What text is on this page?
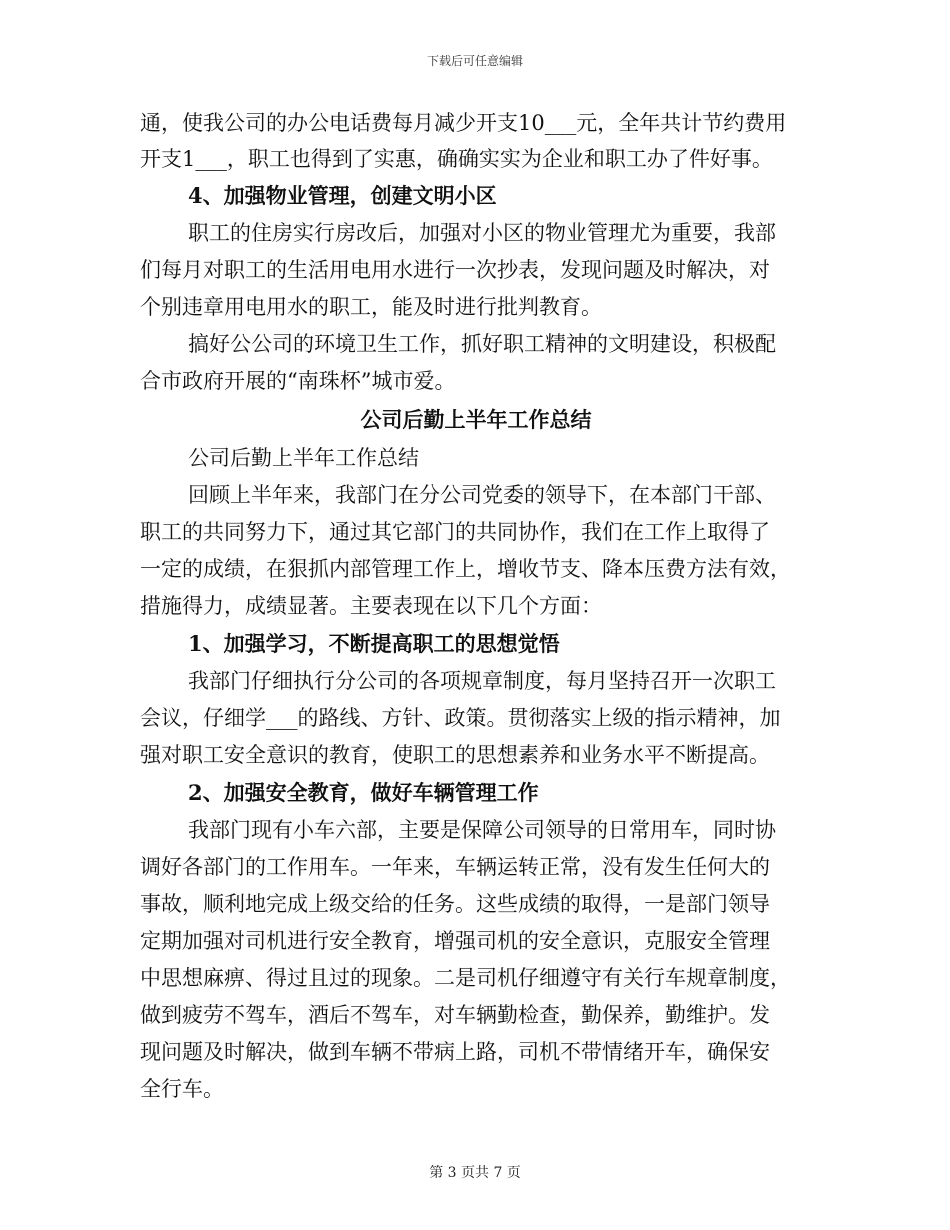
下载后可任意编辑
通，使我公司的办公电话费每月减少开支10___元，全年共计节约费用
开支1___，职工也得到了实惠，确确实实为企业和职工办了件好事。
4、加强物业管理，创建文明小区
职工的住房实行房改后，加强对小区的物业管理尤为重要，我部
们每月对职工的生活用电用水进行一次抄表，发现问题及时解决，对
个别违章用电用水的职工，能及时进行批判教育。
搞好公公司的环境卫生工作，抓好职工精神的文明建设，积极配
合市政府开展的“南珠杯”城市爱。
公司后勤上半年工作总结
公司后勤上半年工作总结
回顾上半年来，我部门在分公司党委的领导下，在本部门干部、
职工的共同努力下，通过其它部门的共同协作，我们在工作上取得了
一定的成绩，在狠抓内部管理工作上，增收节支、降本压费方法有效，
措施得力，成绩显著。主要表现在以下几个方面：
1、加强学习，不断提高职工的思想觉悟
我部门仔细执行分公司的各项规章制度，每月坚持召开一次职工
会议，仔细学___的路线、方针、政策。贯彻落实上级的指示精神，加
强对职工安全意识的教育，使职工的思想素养和业务水平不断提高。
2、加强安全教育，做好车辆管理工作
我部门现有小车六部，主要是保障公司领导的日常用车，同时协
调好各部门的工作用车。一年来，车辆运转正常，没有发生任何大的
事故，顺利地完成上级交给的任务。这些成绩的取得，一是部门领导
定期加强对司机进行安全教育，增强司机的安全意识，克服安全管理
中思想麻痹、得过且过的现象。二是司机仔细遵守有关行车规章制度，
做到疲劳不驾车，酒后不驾车，对车辆勤检查，勤保养，勤维护。发
现问题及时解决，做到车辆不带病上路，司机不带情绪开车，确保安
全行车。
第 3 页共 7 页
